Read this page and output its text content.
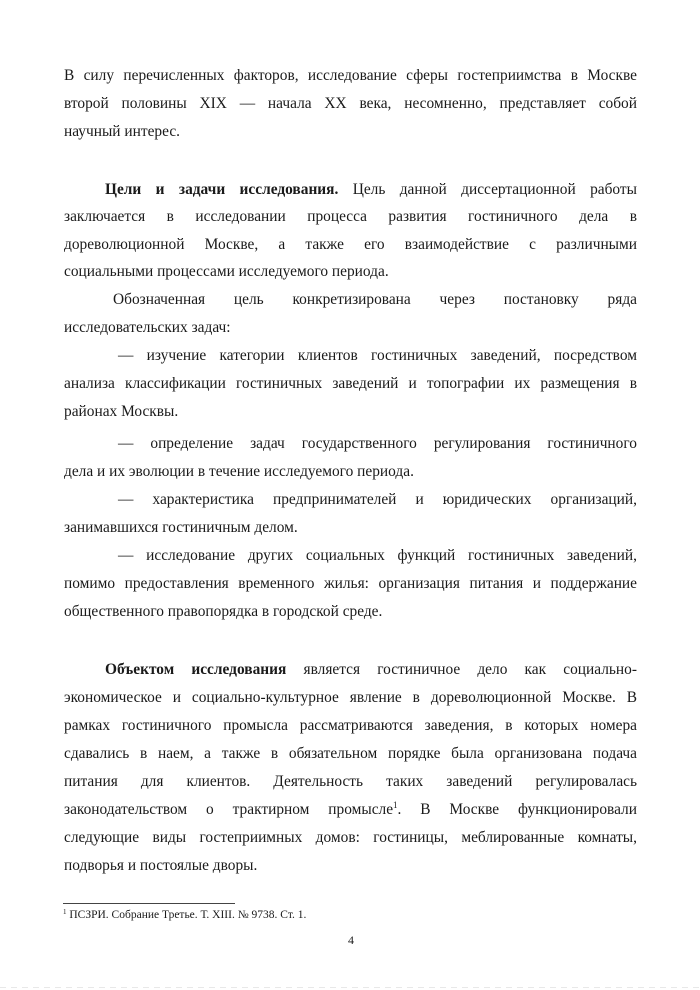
В силу перечисленных факторов, исследование сферы гостеприимства в Москве
второй половины XIX — начала XX века, несомненно, представляет собой
научный интерес.
Цели и задачи исследования. Цель данной диссертационной работы
заключается в исследовании процесса развития гостиничного дела в
дореволюционной Москве, а также его взаимодействие с различными
социальными процессами исследуемого периода.
Обозначенная цель конкретизирована через постановку ряда
исследовательских задач:
— изучение категории клиентов гостиничных заведений, посредством
анализа классификации гостиничных заведений и топографии их размещения в
районах Москвы.
— определение задач государственного регулирования гостиничного
дела и их эволюции в течение исследуемого периода.
— характеристика предпринимателей и юридических организаций,
занимавшихся гостиничным делом.
— исследование других социальных функций гостиничных заведений,
помимо предоставления временного жилья: организация питания и поддержание
общественного правопорядка в городской среде.
Объектом исследования является гостиничное дело как социально-
экономическое и социально-культурное явление в дореволюционной Москве. В
рамках гостиничного промысла рассматриваются заведения, в которых номера
сдавались в наем, а также в обязательном порядке была организована подача
питания для клиентов. Деятельность таких заведений регулировалась
законодательством о трактирном промысле$^1$. В Москве функционировали
следующие виды гостеприимных домов: гостиницы, меблированные комнаты,
подворья и постоялые дворы.
$^1$ ПСЗРИ. Собрание Третье. Т. XIII. № 9738. Ст. 1.
4
